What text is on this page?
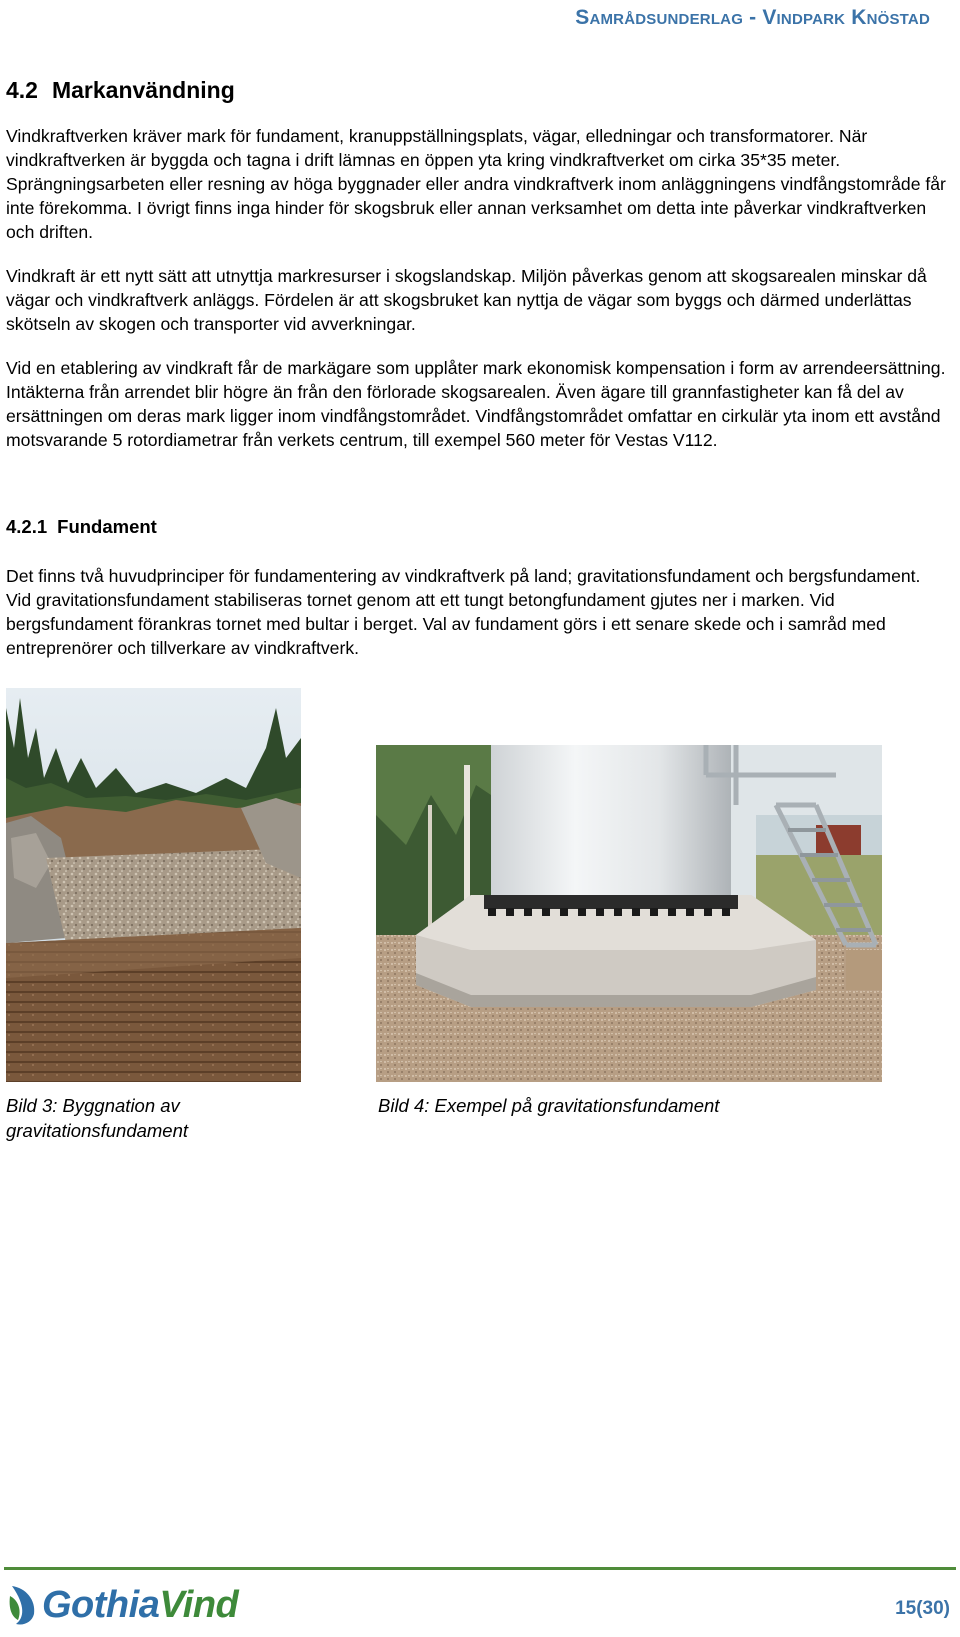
Samrådsunderlag - Vindpark Knöstad
4.2 Markanvändning

Vindkraftverken kräver mark för fundament, kranuppställningsplats, vägar, elledningar och transformatorer. När vindkraftverken är byggda och tagna i drift lämnas en öppen yta kring vindkraftverket om cirka 35*35 meter. Sprängningsarbeten eller resning av höga byggnader eller andra vindkraftverk inom anläggningens vindfångstområde får inte förekomma. I övrigt finns inga hinder för skogsbruk eller annan verksamhet om detta inte påverkar vindkraftverken och driften.

Vindkraft är ett nytt sätt att utnyttja markresurser i skogslandskap. Miljön påverkas genom att skogsarealen minskar då vägar och vindkraftverk anläggs. Fördelen är att skogsbruket kan nyttja de vägar som byggs och därmed underlättas skötseln av skogen och transporter vid avverkningar.

Vid en etablering av vindkraft får de markägare som upplåter mark ekonomisk kompensation i form av arrendeersättning. Intäkterna från arrendet blir högre än från den förlorade skogsarealen. Även ägare till grannfastigheter kan få del av ersättningen om deras mark ligger inom vindfångstområdet. Vindfångstområdet omfattar en cirkulär yta inom ett avstånd motsvarande 5 rotordiametrar från verkets centrum, till exempel 560 meter för Vestas V112.

4.2.1 Fundament

Det finns två huvudprinciper för fundamentering av vindkraftverk på land; gravitationsfundament och bergsfundament. Vid gravitationsfundament stabiliseras tornet genom att ett tungt betongfundament gjutes ner i marken. Vid bergsfundament förankras tornet med bultar i berget. Val av fundament görs i ett senare skede och i samråd med entreprenörer och tillverkare av vindkraftverk.

Bild 3: Byggnation av gravitationsfundament
Bild 4: Exempel på gravitationsfundament
GothiaVind	15(30)
